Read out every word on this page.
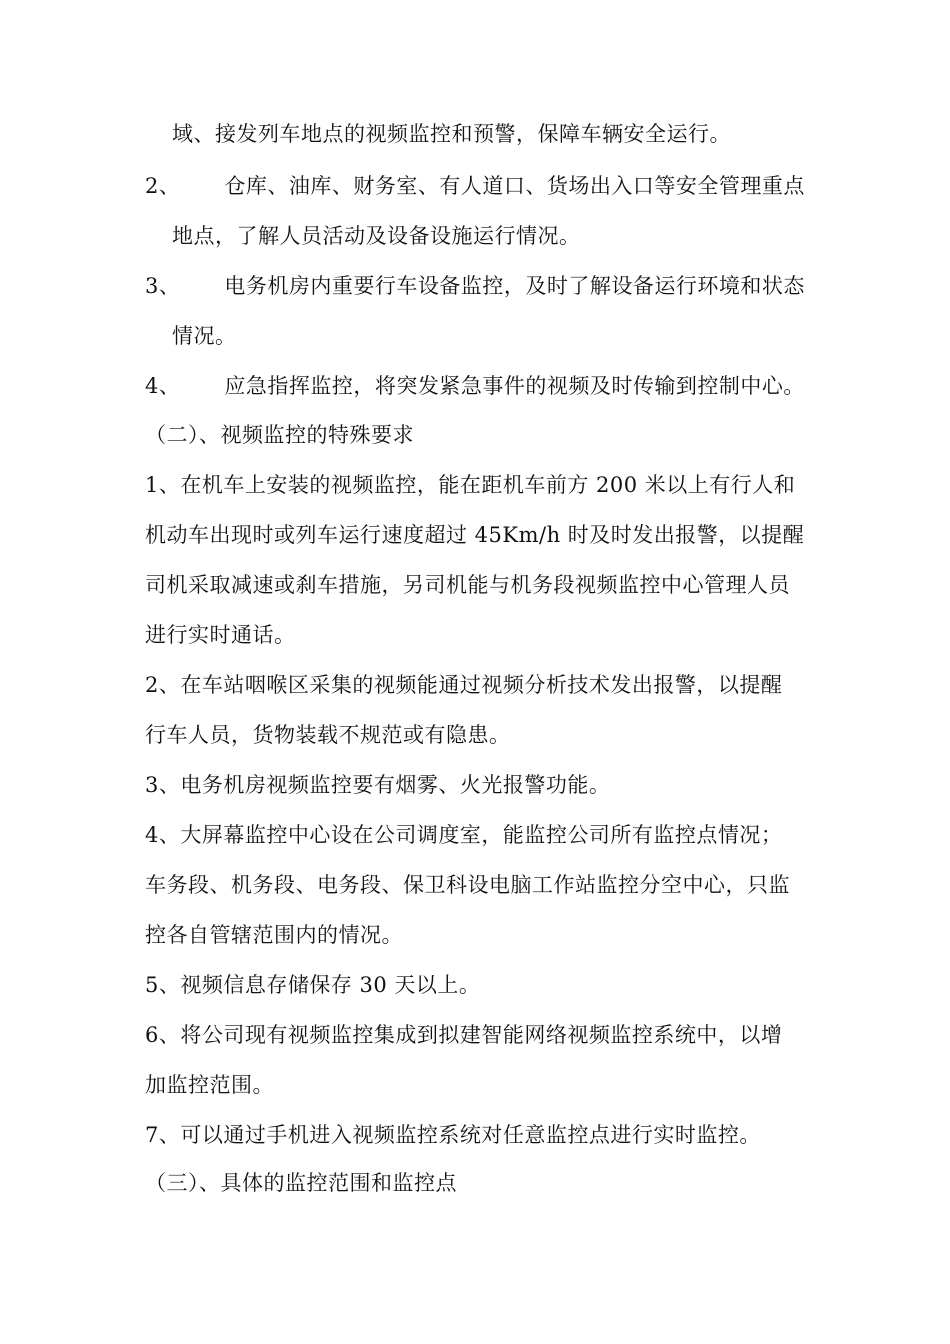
域、接发列车地点的视频监控和预警，保障车辆安全运行。
2、 仓库、油库、财务室、有人道口、货场出入口等安全管理重点
地点，了解人员活动及设备设施运行情况。
3、 电务机房内重要行车设备监控，及时了解设备运行环境和状态
情况。
4、 应急指挥监控，将突发紧急事件的视频及时传输到控制中心。
（二）、视频监控的特殊要求
1、在机车上安装的视频监控，能在距机车前方 200 米以上有行人和
机动车出现时或列车运行速度超过 45Km/h 时及时发出报警，以提醒
司机采取减速或刹车措施，另司机能与机务段视频监控中心管理人员
进行实时通话。
2、在车站咽喉区采集的视频能通过视频分析技术发出报警，以提醒
行车人员，货物装载不规范或有隐患。
3、电务机房视频监控要有烟雾、火光报警功能。
4、大屏幕监控中心设在公司调度室，能监控公司所有监控点情况；
车务段、机务段、电务段、保卫科设电脑工作站监控分空中心，只监
控各自管辖范围内的情况。
5、视频信息存储保存 30 天以上。
6、将公司现有视频监控集成到拟建智能网络视频监控系统中，以增
加监控范围。
7、可以通过手机进入视频监控系统对任意监控点进行实时监控。
（三）、具体的监控范围和监控点
